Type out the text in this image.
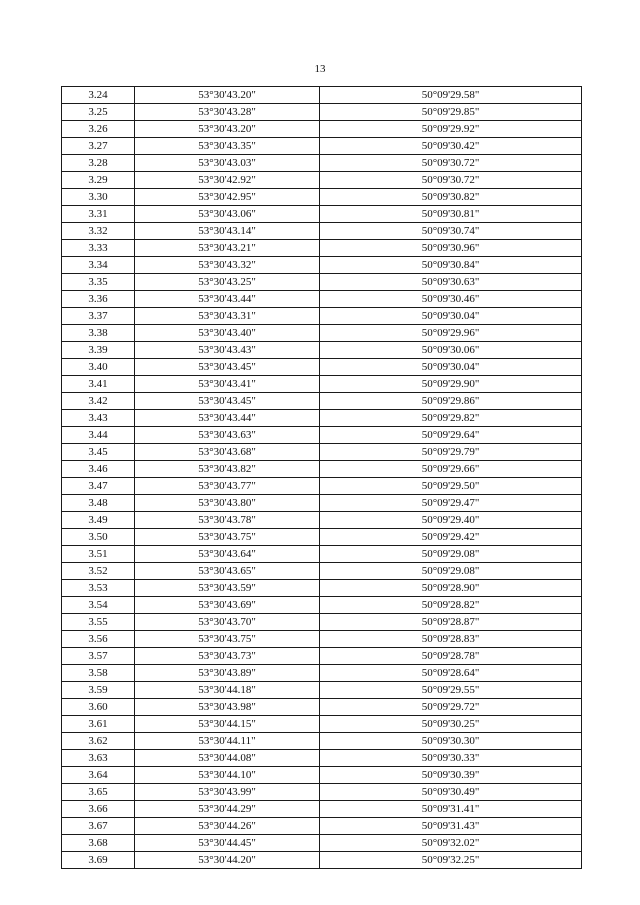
13
3.24	53°30'43.20"	50°09'29.58"
3.25	53°30'43.28"	50°09'29.85"
3.26	53°30'43.20"	50°09'29.92"
3.27	53°30'43.35"	50°09'30.42"
3.28	53°30'43.03"	50°09'30.72"
3.29	53°30'42.92"	50°09'30.72"
3.30	53°30'42.95"	50°09'30.82"
3.31	53°30'43.06"	50°09'30.81"
3.32	53°30'43.14"	50°09'30.74"
3.33	53°30'43.21"	50°09'30.96"
3.34	53°30'43.32"	50°09'30.84"
3.35	53°30'43.25"	50°09'30.63"
3.36	53°30'43.44"	50°09'30.46"
3.37	53°30'43.31"	50°09'30.04"
3.38	53°30'43.40"	50°09'29.96"
3.39	53°30'43.43"	50°09'30.06"
3.40	53°30'43.45"	50°09'30.04"
3.41	53°30'43.41"	50°09'29.90"
3.42	53°30'43.45"	50°09'29.86"
3.43	53°30'43.44"	50°09'29.82"
3.44	53°30'43.63"	50°09'29.64"
3.45	53°30'43.68"	50°09'29.79"
3.46	53°30'43.82"	50°09'29.66"
3.47	53°30'43.77"	50°09'29.50"
3.48	53°30'43.80"	50°09'29.47"
3.49	53°30'43.78"	50°09'29.40"
3.50	53°30'43.75"	50°09'29.42"
3.51	53°30'43.64"	50°09'29.08"
3.52	53°30'43.65"	50°09'29.08"
3.53	53°30'43.59"	50°09'28.90"
3.54	53°30'43.69"	50°09'28.82"
3.55	53°30'43.70"	50°09'28.87"
3.56	53°30'43.75"	50°09'28.83"
3.57	53°30'43.73"	50°09'28.78"
3.58	53°30'43.89"	50°09'28.64"
3.59	53°30'44.18"	50°09'29.55"
3.60	53°30'43.98"	50°09'29.72"
3.61	53°30'44.15"	50°09'30.25"
3.62	53°30'44.11"	50°09'30.30"
3.63	53°30'44.08"	50°09'30.33"
3.64	53°30'44.10"	50°09'30.39"
3.65	53°30'43.99"	50°09'30.49"
3.66	53°30'44.29"	50°09'31.41"
3.67	53°30'44.26"	50°09'31.43"
3.68	53°30'44.45"	50°09'32.02"
3.69	53°30'44.20"	50°09'32.25"
